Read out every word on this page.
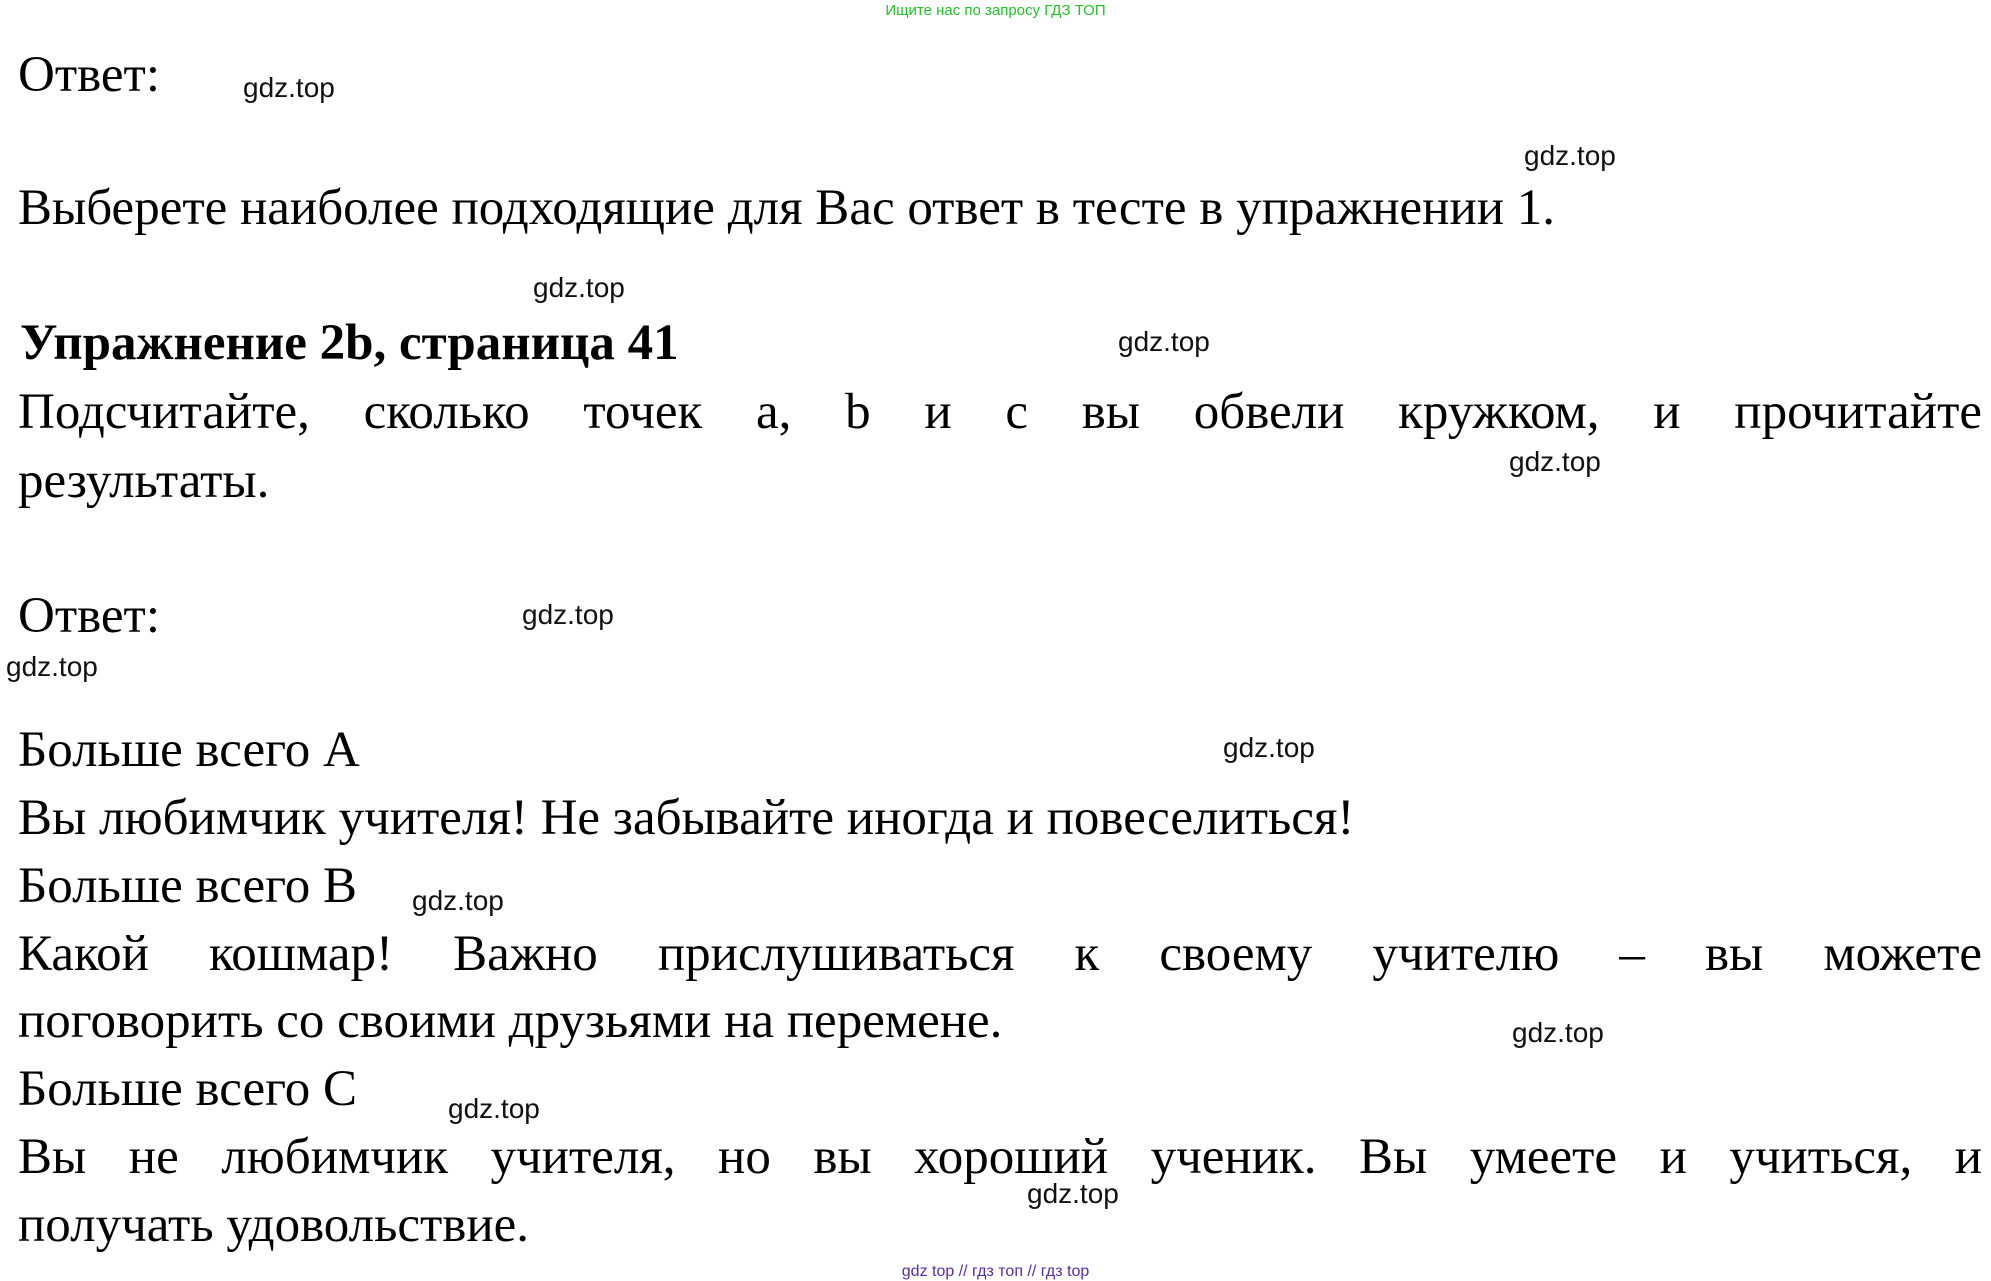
Ищите нас по запросу ГДЗ ТОП
Ответ:	gdz.top
gdz.top
Выберете наиболее подходящие для Вас ответ в тесте в упражнении 1.
gdz.top
Упражнение 2b, страница 41	gdz.top
Подсчитайте, сколько точек a, b и c вы обвели кружком, и прочитайте
gdz.top
результаты.
Ответ:	gdz.top
gdz.top
Больше всего A	gdz.top
Вы любимчик учителя! Не забывайте иногда и повеселиться!
Больше всего B gdz.top
Какой кошмар! Важно прислушиваться к своему учителю – вы можете
поговорить со своими друзьями на перемене.	gdz.top
Больше всего C	gdz.top
Вы не любимчик учителя, но вы хороший ученик. Вы умеете и учиться, и
gdz.top
получать удовольствие.
gdz top // гдз топ // гдз top
